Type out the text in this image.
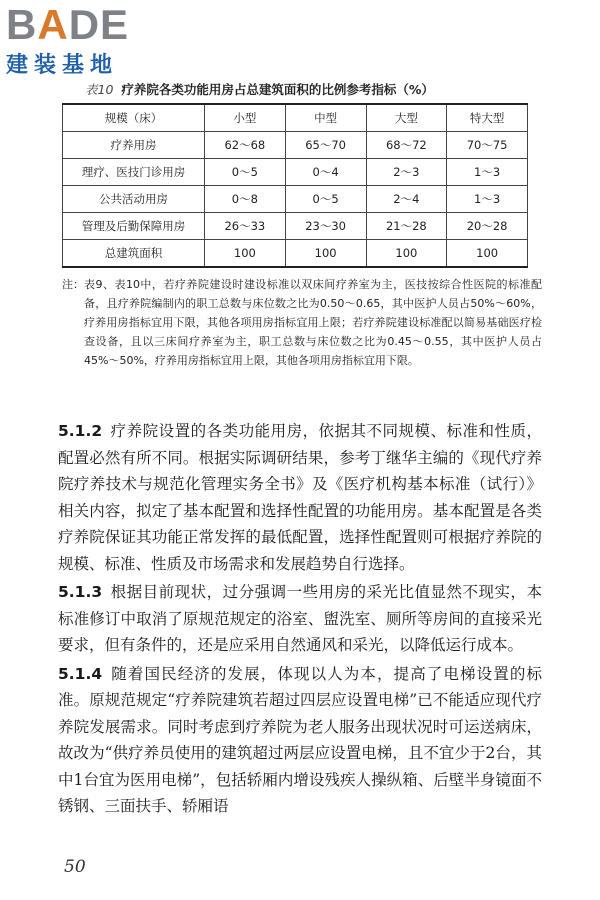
BADE
建装基地
表10 疗养院各类功能用房占总建筑面积的比例参考指标（%）
规模（床）	小型	中型	大型	特大型
疗养用房	62～68	65～70	68～72	70～75
理疗、医技门诊用房	0～5	0～4	2～3	1～3
公共活动用房	0～8	0～5	2～4	1～3
管理及后勤保障用房	26～33	23～30	21～28	20～28
总建筑面积	100	100	100	100
注： 表9、表10中，若疗养院建设时建设标准以双床间疗养室为主，医技按综合性医院的标准配备，且疗养院编制内的职工总数与床位数之比为0.50～0.65，其中医护人员占50%～60%，疗养用房指标宜用下限，其他各项用房指标宜用上限；若疗养院建设标准配以简易基础医疗检查设备，且以三床间疗养室为主，职工总数与床位数之比为0.45～0.55，其中医护人员占45%～50%，疗养用房指标宜用上限，其他各项用房指标宜用下限。

5.1.2 疗养院设置的各类功能用房，依据其不同规模、标准和性质，配置必然有所不同。根据实际调研结果，参考丁继华主编的《现代疗养院疗养技术与规范化管理实务全书》及《医疗机构基本标准（试行）》相关内容，拟定了基本配置和选择性配置的功能用房。基本配置是各类疗养院保证其功能正常发挥的最低配置，选择性配置则可根据疗养院的规模、标准、性质及市场需求和发展趋势自行选择。

5.1.3 根据目前现状，过分强调一些用房的采光比值显然不现实，本标准修订中取消了原规范规定的浴室、盥洗室、厕所等房间的直接采光要求，但有条件的，还是应采用自然通风和采光，以降低运行成本。

5.1.4 随着国民经济的发展，体现以人为本，提高了电梯设置的标准。原规范规定“疗养院建筑若超过四层应设置电梯”已不能适应现代疗养院发展需求。同时考虑到疗养院为老人服务出现状况时可运送病床，故改为“供疗养员使用的建筑超过两层应设置电梯，且不宜少于2台，其中1台宜为医用电梯”，包括轿厢内增设残疾人操纵箱、后壁半身镜面不锈钢、三面扶手、轿厢语

50
